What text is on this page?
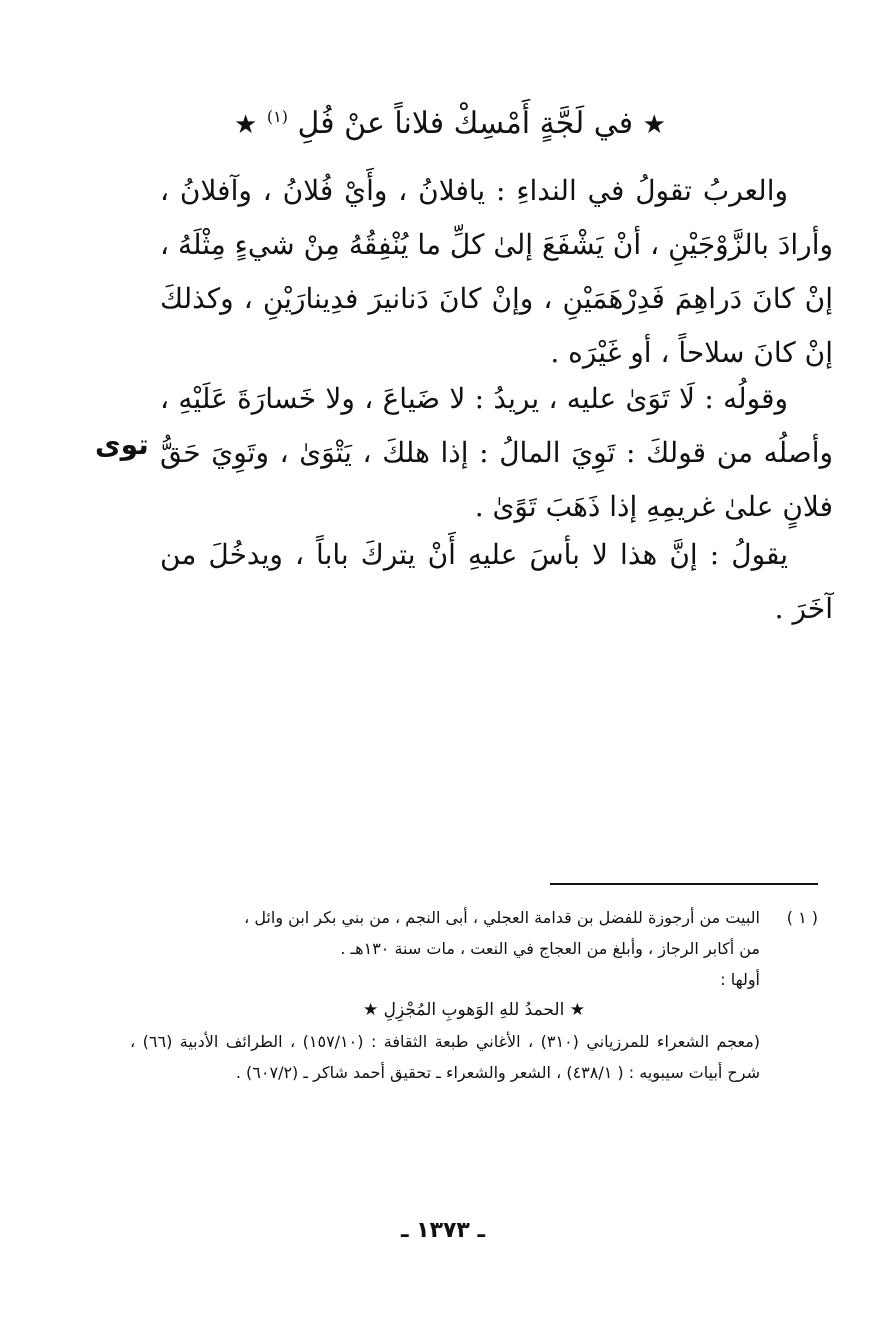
★ في لَجَّةٍ أَمْسِكْ فلاناً عنْ فُلِ $^{(١)}$ ★

والعربُ تقولُ في النداءِ : يافلانُ ، وأَيْ فُلانُ ، وآفلانُ ، وأرادَ بالزَّوْجَيْنِ ، أنْ يَشْفَعَ إلىٰ كلِّ ما يُنْفِقُهُ مِنْ شيءٍ مِثْلَهُ ، إنْ كانَ دَراهِمَ فَدِرْهَمَيْنِ ، وإنْ كانَ دَنانيرَ فدِينارَيْنِ ، وكذلكَ إنْ كانَ سلاحاً ، أو غَيْرَه .

وقولُه : لَا تَوَىٰ عليه ، يريدُ : لا ضَياعَ ، ولا خَسارَةَ عَلَيْهِ ، وأصلُه من قولكَ : تَوِيَ المالُ : إذا هلكَ ، يَتْوَىٰ ، وتَوِيَ حَقُّ فلانٍ علىٰ غريمِهِ إذا ذَهَبَ تَوًىٰ .

توى

يقولُ : إنَّ هذا لا بأسَ عليهِ أَنْ يتركَ باباً ، ويدخُلَ من آخَرَ .

( ١ )البيت من أرجوزة للفضل بن قدامة العجلي ، أبى النجم ، من بني بكر ابن وائل ،

من أكابر الرجاز ، وأبلغ من العجاج في النعت ، مات سنة ١٣٠هـ .

أولها :

★ الحمدُ للهِ الوَهوبِ المُجْزِلِ ★

(معجم الشعراء للمرزياني (٣١٠) ، الأغاني طبعة الثقافة : (١٥٧/١٠) ، الطرائف الأدبية (٦٦) ، شرح أبيات سيبويه : ( ٤٣٨/١) ، الشعر والشعراء ـ تحقيق أحمد شاكر ـ (٦٠٧/٢) .

ـ ١٣٧٣ ـ
